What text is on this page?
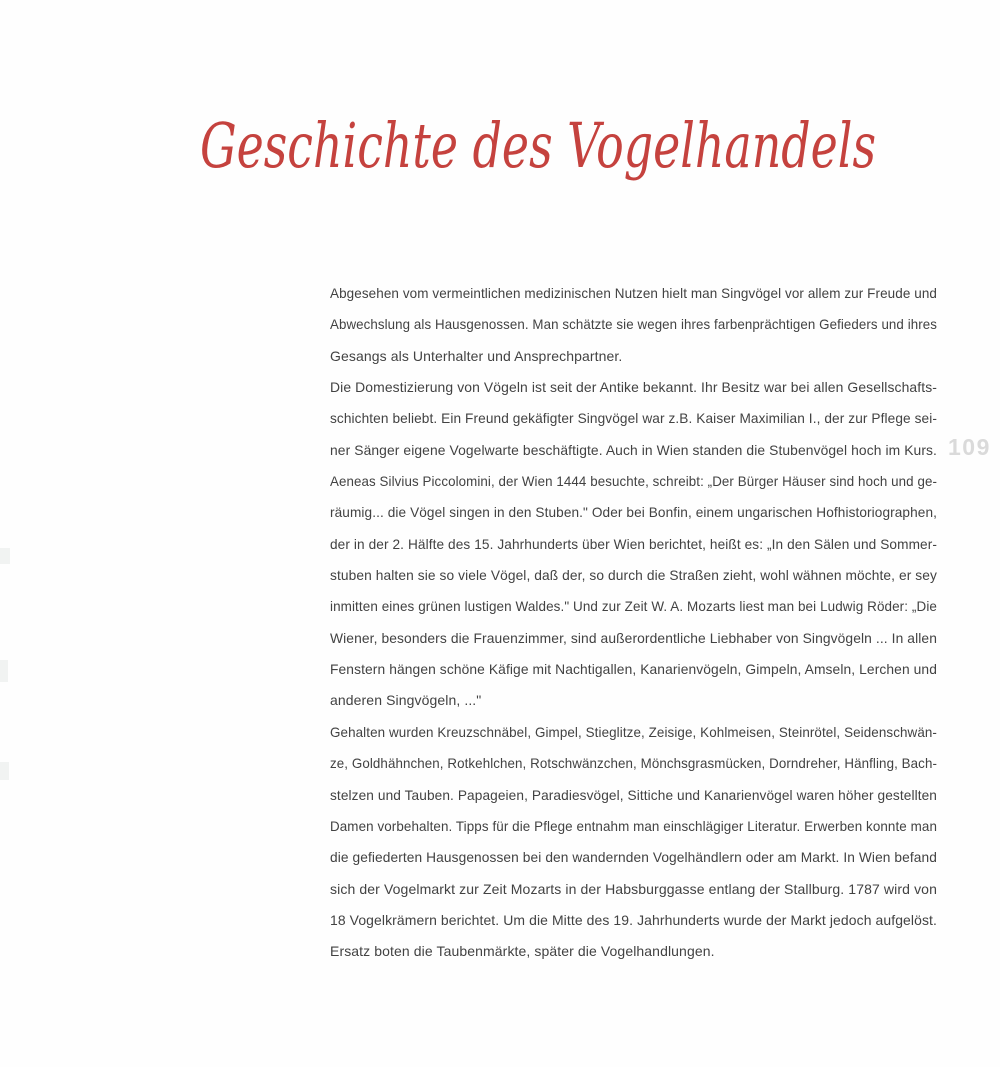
Geschichte des Vogelhandels
109
Abgesehen vom vermeintlichen medizinischen Nutzen hielt man Singvögel vor allem zur Freude und
Abwechslung als Hausgenossen. Man schätzte sie wegen ihres farbenprächtigen Gefieders und ihres
Gesangs als Unterhalter und Ansprechpartner.
Die Domestizierung von Vögeln ist seit der Antike bekannt. Ihr Besitz war bei allen Gesellschafts-
schichten beliebt. Ein Freund gekäfigter Singvögel war z.B. Kaiser Maximilian I., der zur Pflege sei-
ner Sänger eigene Vogelwarte beschäftigte. Auch in Wien standen die Stubenvögel hoch im Kurs.
Aeneas Silvius Piccolomini, der Wien 1444 besuchte, schreibt: „Der Bürger Häuser sind hoch und ge-
räumig... die Vögel singen in den Stuben." Oder bei Bonfin, einem ungarischen Hofhistoriographen,
der in der 2. Hälfte des 15. Jahrhunderts über Wien berichtet, heißt es: „In den Sälen und Sommer-
stuben halten sie so viele Vögel, daß der, so durch die Straßen zieht, wohl wähnen möchte, er sey
inmitten eines grünen lustigen Waldes." Und zur Zeit W. A. Mozarts liest man bei Ludwig Röder: „Die
Wiener, besonders die Frauenzimmer, sind außerordentliche Liebhaber von Singvögeln ... In allen
Fenstern hängen schöne Käfige mit Nachtigallen, Kanarienvögeln, Gimpeln, Amseln, Lerchen und
anderen Singvögeln, ..."
Gehalten wurden Kreuzschnäbel, Gimpel, Stieglitze, Zeisige, Kohlmeisen, Steinrötel, Seidenschwän-
ze, Goldhähnchen, Rotkehlchen, Rotschwänzchen, Mönchsgrasmücken, Dorndreher, Hänfling, Bach-
stelzen und Tauben. Papageien, Paradiesvögel, Sittiche und Kanarienvögel waren höher gestellten
Damen vorbehalten. Tipps für die Pflege entnahm man einschlägiger Literatur. Erwerben konnte man
die gefiederten Hausgenossen bei den wandernden Vogelhändlern oder am Markt. In Wien befand
sich der Vogelmarkt zur Zeit Mozarts in der Habsburggasse entlang der Stallburg. 1787 wird von
18 Vogelkrämern berichtet. Um die Mitte des 19. Jahrhunderts wurde der Markt jedoch aufgelöst.
Ersatz boten die Taubenmärkte, später die Vogelhandlungen.
